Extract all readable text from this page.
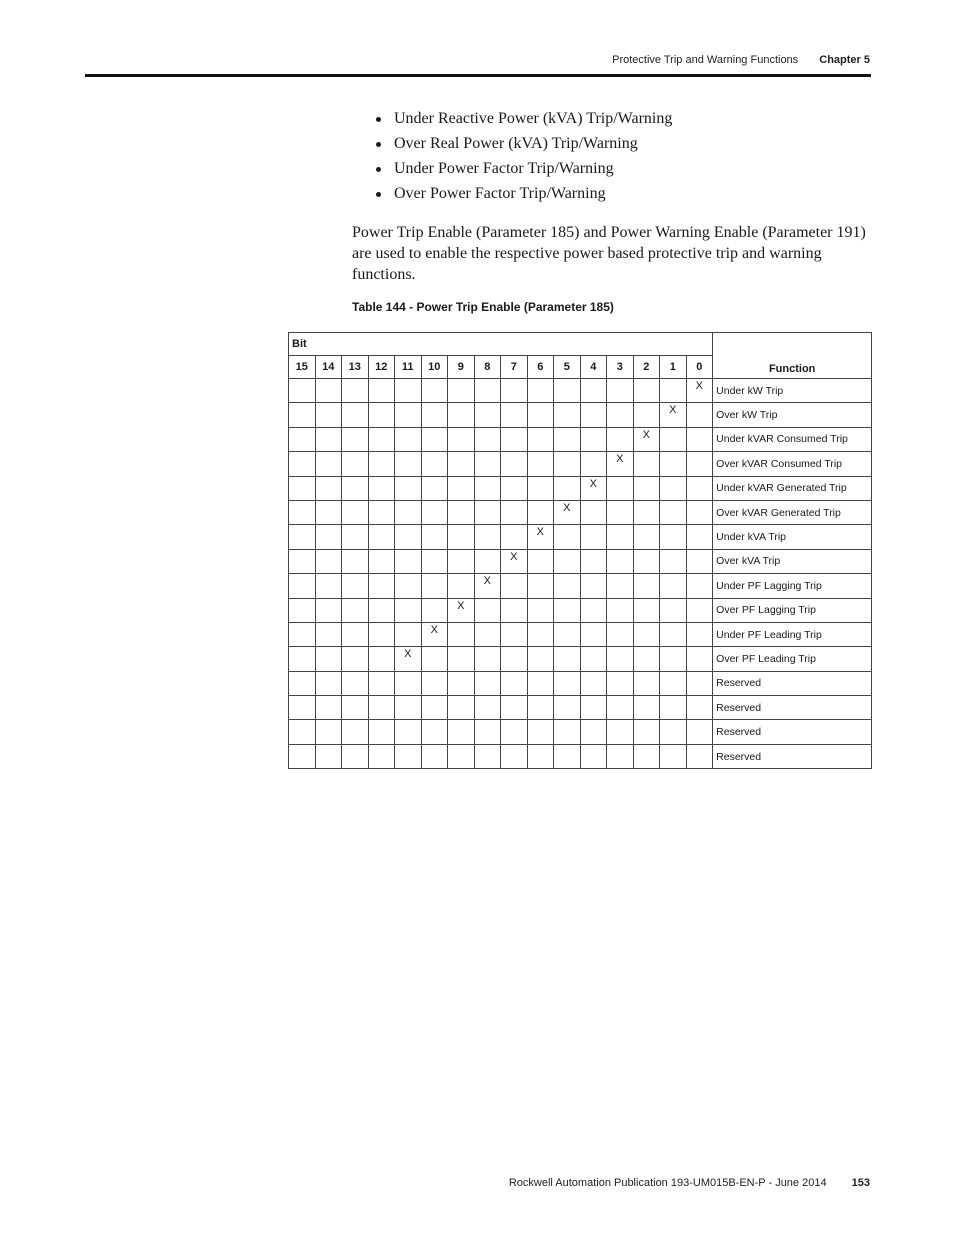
Protective Trip and Warning Functions Chapter 5
Under Reactive Power (kVA) Trip/Warning
Over Real Power (kVA) Trip/Warning
Under Power Factor Trip/Warning
Over Power Factor Trip/Warning

Power Trip Enable (Parameter 185) and Power Warning Enable (Parameter 191) are used to enable the respective power based protective trip and warning functions.

Table 144 - Power Trip Enable (Parameter 185)
Bit																Function
15	14	13	12	11	10	9	8	7	6	5	4	3	2	1	0	
															X	Under kW Trip
														X		Over kW Trip
													X			Under kVAR Consumed Trip
												X				Over kVAR Consumed Trip
											X					Under kVAR Generated Trip
										X						Over kVAR Generated Trip
									X							Under kVA Trip
								X								Over kVA Trip
							X									Under PF Lagging Trip
						X										Over PF Lagging Trip
					X											Under PF Leading Trip
				X												Over PF Leading Trip
																Reserved
																Reserved
																Reserved
																Reserved
Rockwell Automation Publication 193-UM015B-EN-P - June 2014 153
